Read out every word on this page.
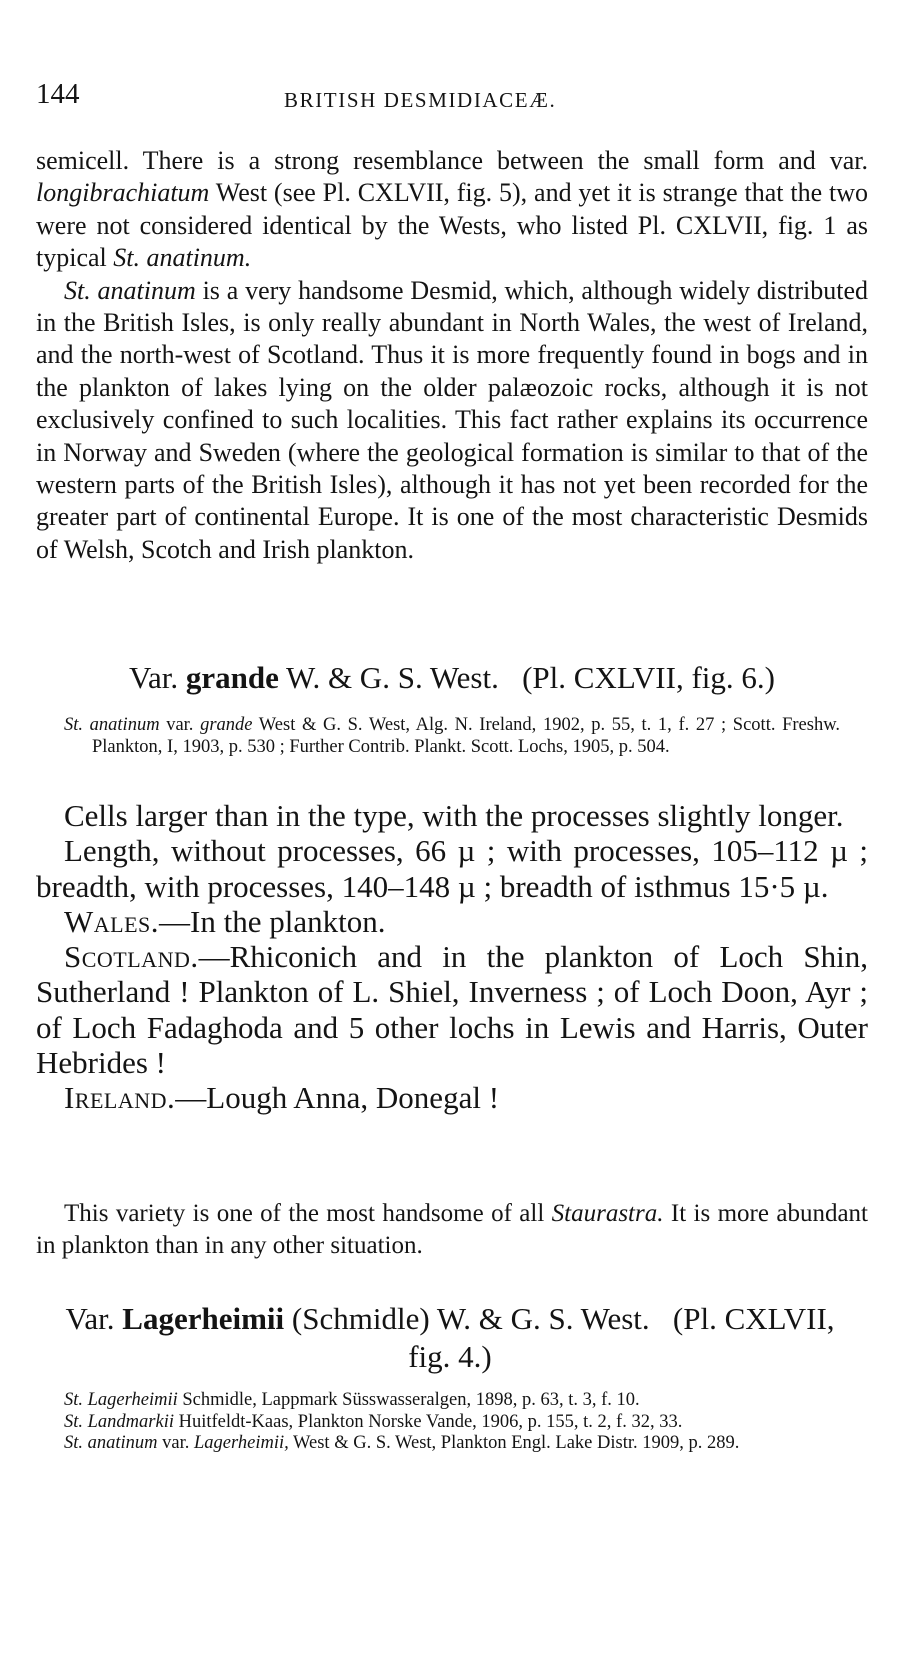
144	BRITISH DESMIDIACEÆ.

semicell. There is a strong resemblance between the small form and var. longibrachiatum West (see Pl. CXLVII, fig. 5), and yet it is strange that the two were not considered identical by the Wests, who listed Pl. CXLVII, fig. 1 as typical St. anatinum.

St. anatinum is a very handsome Desmid, which, although widely distributed in the British Isles, is only really abundant in North Wales, the west of Ireland, and the north-west of Scotland. Thus it is more frequently found in bogs and in the plankton of lakes lying on the older palæozoic rocks, although it is not exclusively confined to such localities. This fact rather explains its occurrence in Norway and Sweden (where the geological formation is similar to that of the western parts of the British Isles), although it has not yet been recorded for the greater part of continental Europe. It is one of the most characteristic Desmids of Welsh, Scotch and Irish plankton.

Var. grande W. & G. S. West. (Pl. CXLVII, fig. 6.)
St. anatinum var. grande West & G. S. West, Alg. N. Ireland, 1902, p. 55, t. 1, f. 27 ; Scott. Freshw. Plankton, I, 1903, p. 530 ; Further Contrib. Plankt. Scott. Lochs, 1905, p. 504.

Cells larger than in the type, with the processes slightly longer.

Length, without processes, 66 µ ; with processes, 105–112 µ ; breadth, with processes, 140–148 µ ; breadth of isthmus 15·5 µ.

Wales.—In the plankton.

Scotland.—Rhiconich and in the plankton of Loch Shin, Sutherland ! Plankton of L. Shiel, Inverness ; of Loch Doon, Ayr ; of Loch Fadaghoda and 5 other lochs in Lewis and Harris, Outer Hebrides !

Ireland.—Lough Anna, Donegal !

This variety is one of the most handsome of all Staurastra. It is more abundant in plankton than in any other situation.

Var. Lagerheimii (Schmidle) W. & G. S. West. (Pl. CXLVII, fig. 4.)
St. Lagerheimii Schmidle, Lappmark Süsswasseralgen, 1898, p. 63, t. 3, f. 10.
St. Landmarkii Huitfeldt-Kaas, Plankton Norske Vande, 1906, p. 155, t. 2, f. 32, 33.
St. anatinum var. Lagerheimii, West & G. S. West, Plankton Engl. Lake Distr. 1909, p. 289.
